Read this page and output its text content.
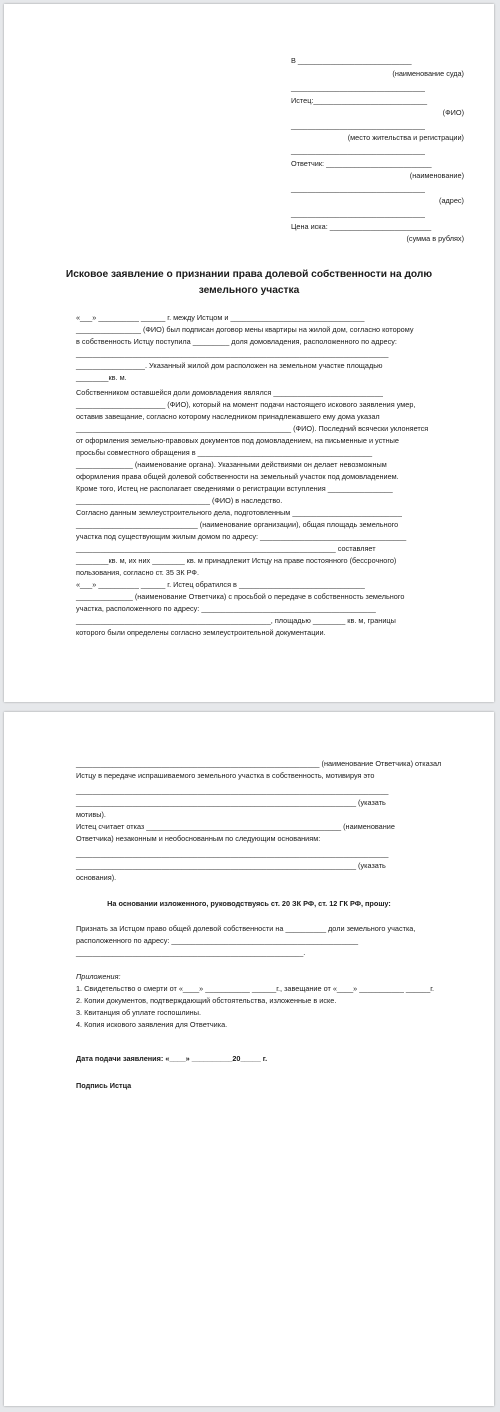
В ____________________________
(наименование суда)
_________________________________
Истец:____________________________
(ФИО)
_________________________________
(место жительства и регистрации)
_________________________________
Ответчик: __________________________
(наименование)
_________________________________
(адрес)
_________________________________
Цена иска: _________________________
(сумма в рублях)
Исковое заявление о признании права долевой собственности на долю
земельного участка
«___» __________ ______ г. между Истцом и _________________________________
________________ (ФИО) был подписан договор мены квартиры на жилой дом, согласно которому
в собственность Истцу поступила _________ доля домовладения, расположенного по адресу:
_____________________________________________________________________________
_________________. Указанный жилой дом расположен на земельном участке площадью
________кв. м.
Собственником оставшейся доли домовладения являлся ___________________________
______________________ (ФИО), который на момент подачи настоящего искового заявления умер,
оставив завещание, согласно которому наследником принадлежавшего ему дома указал
_____________________________________________________ (ФИО). Последний всячески уклоняется
от оформления земельно-правовых документов под домовладением, на письменные и устные
просьбы совместного обращения в ___________________________________________
______________ (наименование органа). Указанными действиями он делает невозможным
оформления права общей долевой собственности на земельный участок под домовладением.
Кроме того, Истец не располагает сведениями о регистрации вступления ________________
_________________________________ (ФИО) в наследство.
Согласно данным землеустроительного дела, подготовленным ___________________________
______________________________ (наименование организации), общая площадь земельного
участка под существующим жилым домом по адресу: ____________________________________
________________________________________________________________ составляет
________кв. м, их них ________ кв. м принадлежит Истцу на праве постоянного (бессрочного)
пользования, согласно ст. 35 ЗК РФ.
«___» __________ ______ г. Истец обратился в _______________________________
______________ (наименование Ответчика) с просьбой о передаче в собственность земельного
участка, расположенного по адресу: ___________________________________________
________________________________________________, площадью ________ кв. м, границы
которого были определены согласно землеустроительной документации.
____________________________________________________________ (наименование Ответчика) отказал
Истцу в передаче испрашиваемого земельного участка в собственность, мотивируя это
_____________________________________________________________________________
_____________________________________________________________________ (указать
мотивы).
Истец считает отказ ________________________________________________ (наименование
Ответчика) незаконным и необоснованным по следующим основаниям:
_____________________________________________________________________________
_____________________________________________________________________ (указать
основания).
На основании изложенного, руководствуясь ст. 20 ЗК РФ, ст. 12 ГК РФ, прошу:
Признать за Истцом право общей долевой собственности на __________ доли земельного участка,
расположенного по адресу: ______________________________________________
________________________________________________________.
Приложения:
1. Свидетельство о смерти от «____» ___________ ______г., завещание от «____» ___________ ______г.
2. Копии документов, подтверждающий обстоятельства, изложенные в иске.
3. Квитанция об уплате госпошлины.
4. Копия искового заявления для Ответчика.
Дата подачи заявления: «____» __________20_____ г.
Подпись Истца
